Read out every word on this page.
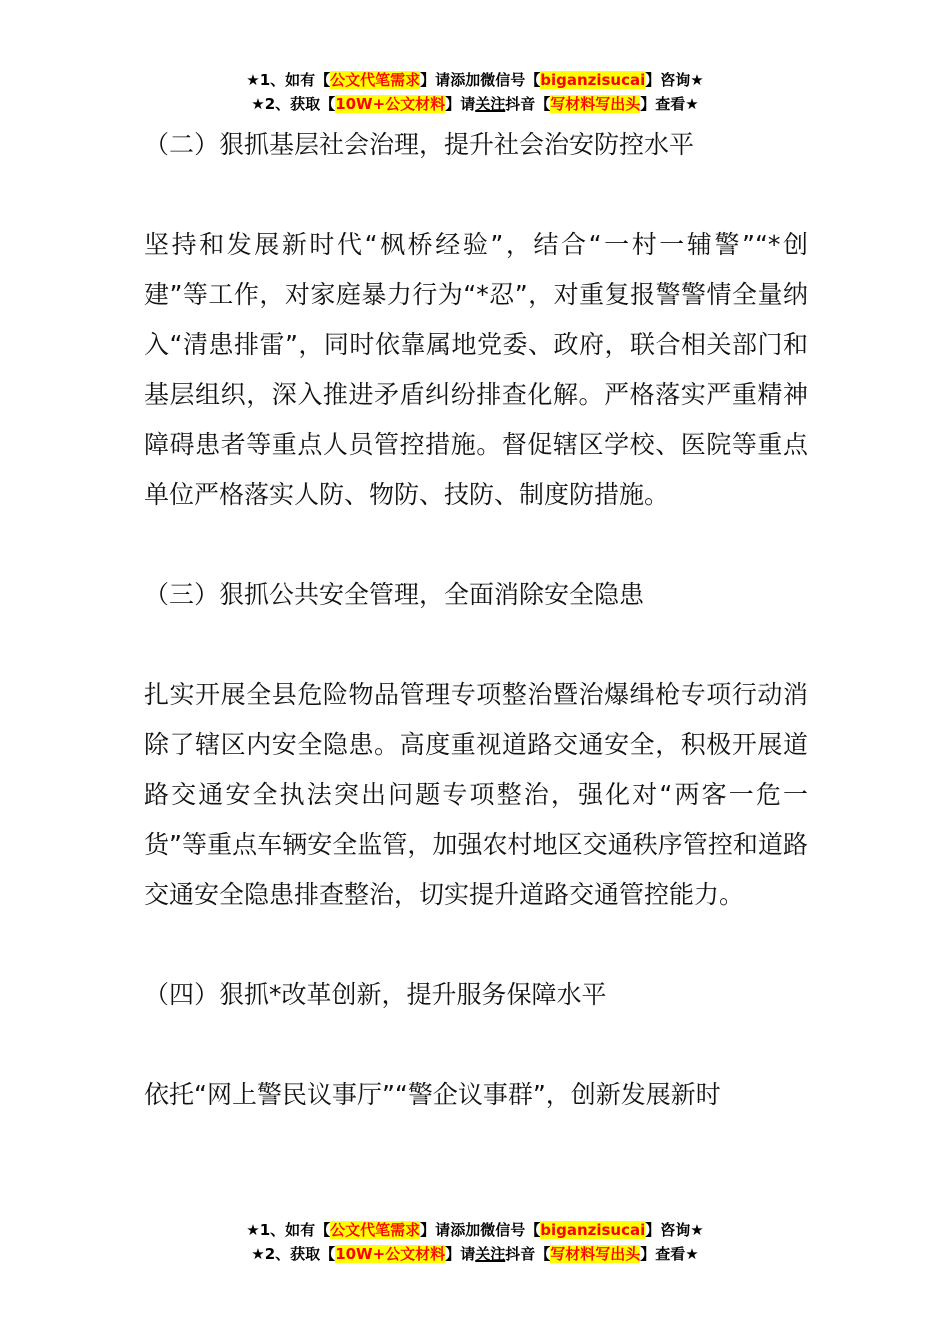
★1、如有【公文代笔需求】请添加微信号【biganzisucai】咨询★
★2、获取【10W+公文材料】请关注抖音【写材料写出头】查看★
（二）狠抓基层社会治理，提升社会治安防控水平

坚持和发展新时代“枫桥经验”，结合“一村一辅警”“*创建”等工作，对家庭暴力行为“*忍”，对重复报警警情全量纳入“清患排雷”，同时依靠属地党委、政府，联合相关部门和基层组织，深入推进矛盾纠纷排查化解。严格落实严重精神障碍患者等重点人员管控措施。督促辖区学校、医院等重点单位严格落实人防、物防、技防、制度防措施。

（三）狠抓公共安全管理，全面消除安全隐患

扎实开展全县危险物品管理专项整治暨治爆缉枪专项行动消除了辖区内安全隐患。高度重视道路交通安全，积极开展道路交通安全执法突出问题专项整治，强化对“两客一危一货”等重点车辆安全监管，加强农村地区交通秩序管控和道路交通安全隐患排查整治，切实提升道路交通管控能力。

（四）狠抓*改革创新，提升服务保障水平

依托“网上警民议事厅”“警企议事群”，创新发展新时

★1、如有【公文代笔需求】请添加微信号【biganzisucai】咨询★
★2、获取【10W+公文材料】请关注抖音【写材料写出头】查看★
